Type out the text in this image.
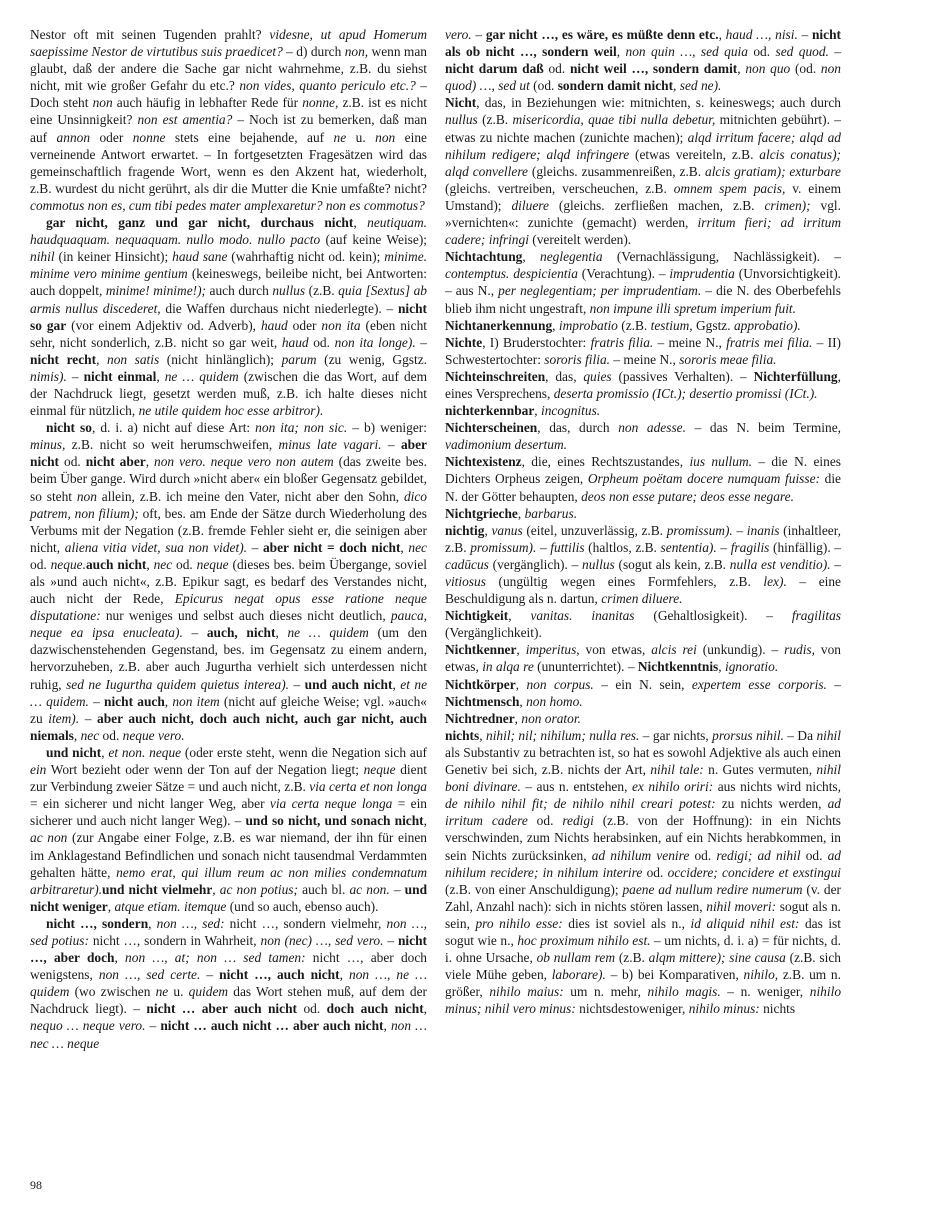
Nestor oft mit seinen Tugenden prahlt? videsne, ut apud Homerum saepissime Nestor de virtutibus suis praedicet? – d) durch non, wenn man glaubt, daß der andere die Sache gar nicht wahrnehme, z.B. du siehst nicht, mit wie großer Gefahr du etc.? non vides, quanto periculo etc.? – Doch steht non auch häufig in lebhafter Rede für nonne, z.B. ist es nicht eine Unsinnigkeit? non est amentia? – Noch ist zu bemerken, daß man auf annon oder nonne stets eine bejahende, auf ne u. non eine verneinende Antwort erwartet. – In fortgesetzten Fragesätzen wird das gemeinschaftlich fragende Wort, wenn es den Akzent hat, wiederholt, z.B. wurdest du nicht gerührt, als dir die Mutter die Knie umfaßte? nicht? commotus non es, cum tibi pedes mater amplexaretur? non es commotus?

gar nicht, ganz und gar nicht, durchaus nicht, neutiquam. haudquaquam. nequaquam. nullo modo. nullo pacto (auf keine Weise); nihil (in keiner Hinsicht); haud sane (wahrhaftig nicht od. kein); minime. minime vero minime gentium (keineswegs, beileibe nicht, bei Antworten: auch doppelt, minime! minime!); auch durch nullus (z.B. quia [Sextus] ab armis nullus discederet, die Waffen durchaus nicht niederlegte). – nicht so gar (vor einem Adjektiv od. Adverb), haud oder non ita (eben nicht sehr, nicht sonderlich, z.B. nicht so gar weit, haud od. non ita longe). – nicht recht, non satis (nicht hinlänglich); parum (zu wenig, Ggstz. nimis). – nicht einmal, ne … quidem (zwischen die das Wort, auf dem der Nachdruck liegt, gesetzt werden muß, z.B. ich halte dieses nicht einmal für nützlich, ne utile quidem hoc esse arbitror).

nicht so, d. i. a) nicht auf diese Art: non ita; non sic. – b) weniger: minus, z.B. nicht so weit herumschweifen, minus late vagari. – aber nicht od. nicht aber, non vero. neque vero non autem (das zweite bes. beim Über gange. Wird durch »nicht aber« ein bloßer Gegensatz gebildet, so steht non allein, z.B. ich meine den Vater, nicht aber den Sohn, dico patrem, non filium); oft, bes. am Ende der Sätze durch Wiederholung des Verbums mit der Negation (z.B. fremde Fehler sieht er, die seinigen aber nicht, aliena vitia videt, sua non videt). – aber nicht = doch nicht, nec od. neque.auch nicht, nec od. neque (dieses bes. beim Übergange, soviel als »und auch nicht«, z.B. Epikur sagt, es bedarf des Verstandes nicht, auch nicht der Rede, Epicurus negat opus esse ratione neque disputatione: nur weniges und selbst auch dieses nicht deutlich, pauca, neque ea ipsa enucleata). – auch, nicht, ne … quidem (um den dazwischenstehenden Gegenstand, bes. im Gegensatz zu einem andern, hervorzuheben, z.B. aber auch Jugurtha verhielt sich unterdessen nicht ruhig, sed ne Iugurtha quidem quietus interea). – und auch nicht, et ne … quidem. – nicht auch, non item (nicht auf gleiche Weise; vgl. »auch« zu item). – aber auch nicht, doch auch nicht, auch gar nicht, auch niemals, nec od. neque vero.

und nicht, et non. neque (oder erste steht, wenn die Negation sich auf ein Wort bezieht oder wenn der Ton auf der Negation liegt; neque dient zur Verbindung zweier Sätze = und auch nicht, z.B. via certa et non longa = ein sicherer und nicht langer Weg, aber via certa neque longa = ein sicherer und auch nicht langer Weg). – und so nicht, und sonach nicht, ac non (zur Angabe einer Folge, z.B. es war niemand, der ihn für einen im Anklagestand Befindlichen und sonach nicht tausendmal Verdammten gehalten hätte, nemo erat, qui illum reum ac non milies condemnatum arbitraretur).und nicht vielmehr, ac non potius; auch bl. ac non. – und nicht weniger, atque etiam. itemque (und so auch, ebenso auch).

nicht …, sondern, non …, sed: nicht …, sondern vielmehr, non …, sed potius: nicht …, sondern in Wahrheit, non (nec) …, sed vero. – nicht …, aber doch, non …, at; non … sed tamen: nicht …, aber doch wenigstens, non …, sed certe. – nicht …, auch nicht, non …, ne … quidem (wo zwischen ne u. quidem das Wort stehen muß, auf dem der Nachdruck liegt). – nicht … aber auch nicht od. doch auch nicht, nequo … neque vero. – nicht … auch nicht … aber auch nicht, non … nec … neque

vero. – gar nicht …, es wäre, es müßte denn etc., haud …, nisi. – nicht als ob nicht …, sondern weil, non quin …, sed quia od. sed quod. – nicht darum daß od. nicht weil …, sondern damit, non quo (od. non quod) …, sed ut (od. sondern damit nicht, sed ne).

Nicht, das, in Beziehungen wie: mitnichten, s. keineswegs; auch durch nullus (z.B. misericordia, quae tibi nulla debetur, mitnichten gebührt). – etwas zu nichte machen (zunichte machen); alqd irritum facere; alqd ad nihilum redigere; alqd infringere (etwas vereiteln, z.B. alcis conatus); alqd convellere (gleichs. zusammenreißen, z.B. alcis gratiam); exturbare (gleichs. vertreiben, verscheuchen, z.B. omnem spem pacis, v. einem Umstand); diluere (gleichs. zerfließen machen, z.B. crimen); vgl. »vernichten«: zunichte (gemacht) werden, irritum fieri; ad irritum cadere; infringi (vereitelt werden).

Nichtachtung, neglegentia (Vernachlässigung, Nachlässigkeit). – contemptus. despicientia (Verachtung). – imprudentia (Unvorsichtigkeit). – aus N., per neglegentiam; per imprudentiam. – die N. des Oberbefehls blieb ihm nicht ungestraft, non impune illi spretum imperium fuit.

Nichtanerkennung, improbatio (z.B. testium, Ggstz. approbatio).

Nichte, I) Bruderstochter: fratris filia. – meine N., fratris mei filia. – II) Schwestertochter: sororis filia. – meine N., sororis meae filia.

Nichteinschreiten, das, quies (passives Verhalten). – Nichterfüllung, eines Versprechens, deserta promissio (ICt.); desertio promissi (ICt.).

nichterkennbar, incognitus.

Nichterscheinen, das, durch non adesse. – das N. beim Termine, vadimonium desertum.

Nichtexistenz, die, eines Rechtszustandes, ius nullum. – die N. eines Dichters Orpheus zeigen, Orpheum poëtam docere numquam fuisse: die N. der Götter behaupten, deos non esse putare; deos esse negare.

Nichtgrieche, barbarus.

nichtig, vanus (eitel, unzuverlässig, z.B. promissum). – inanis (inhaltleer, z.B. promissum). – futtilis (haltlos, z.B. sententia). – fragilis (hinfällig). – cadūcus (vergänglich). – nullus (sogut als kein, z.B. nulla est venditio). – vitiosus (ungültig wegen eines Formfehlers, z.B. lex). – eine Beschuldigung als n. dartun, crimen diluere.

Nichtigkeit, vanitas. inanitas (Gehaltlosigkeit). – fragilitas (Vergänglichkeit).

Nichtkenner, imperitus, von etwas, alcis rei (unkundig). – rudis, von etwas, in alqa re (ununterrichtet). – Nichtkenntnis, ignoratio.

Nichtkörper, non corpus. – ein N. sein, expertem esse corporis. – Nichtmensch, non homo.

Nichtredner, non orator.

nichts, nihil; nil; nihilum; nulla res. – gar nichts, prorsus nihil. – Da nihil als Substantiv zu betrachten ist, so hat es sowohl Adjektive als auch einen Genetiv bei sich, z.B. nichts der Art, nihil tale: n. Gutes vermuten, nihil boni divinare. – aus n. entstehen, ex nihilo oriri: aus nichts wird nichts, de nihilo nihil fit; de nihilo nihil creari potest: zu nichts werden, ad irritum cadere od. redigi (z.B. von der Hoffnung): in ein Nichts verschwinden, zum Nichts herabsinken, auf ein Nichts herabkommen, in sein Nichts zurücksinken, ad nihilum venire od. redigi; ad nihil od. ad nihilum recidere; in nihilum interire od. occidere; concidere et exstingui (z.B. von einer Anschuldigung); paene ad nullum redire numerum (v. der Zahl, Anzahl nach): sich in nichts stören lassen, nihil moveri: sogut als n. sein, pro nihilo esse: dies ist soviel als n., id aliquid nihil est: das ist sogut wie n., hoc proximum nihilo est. – um nichts, d. i. a) = für nichts, d. i. ohne Ursache, ob nullam rem (z.B. alqm mittere); sine causa (z.B. sich viele Mühe geben, laborare). – b) bei Komparativen, nihilo, z.B. um n. größer, nihilo maius: um n. mehr, nihilo magis. – n. weniger, nihilo minus; nihil vero minus: nichtsdestoweniger, nihilo minus: nichts

98
